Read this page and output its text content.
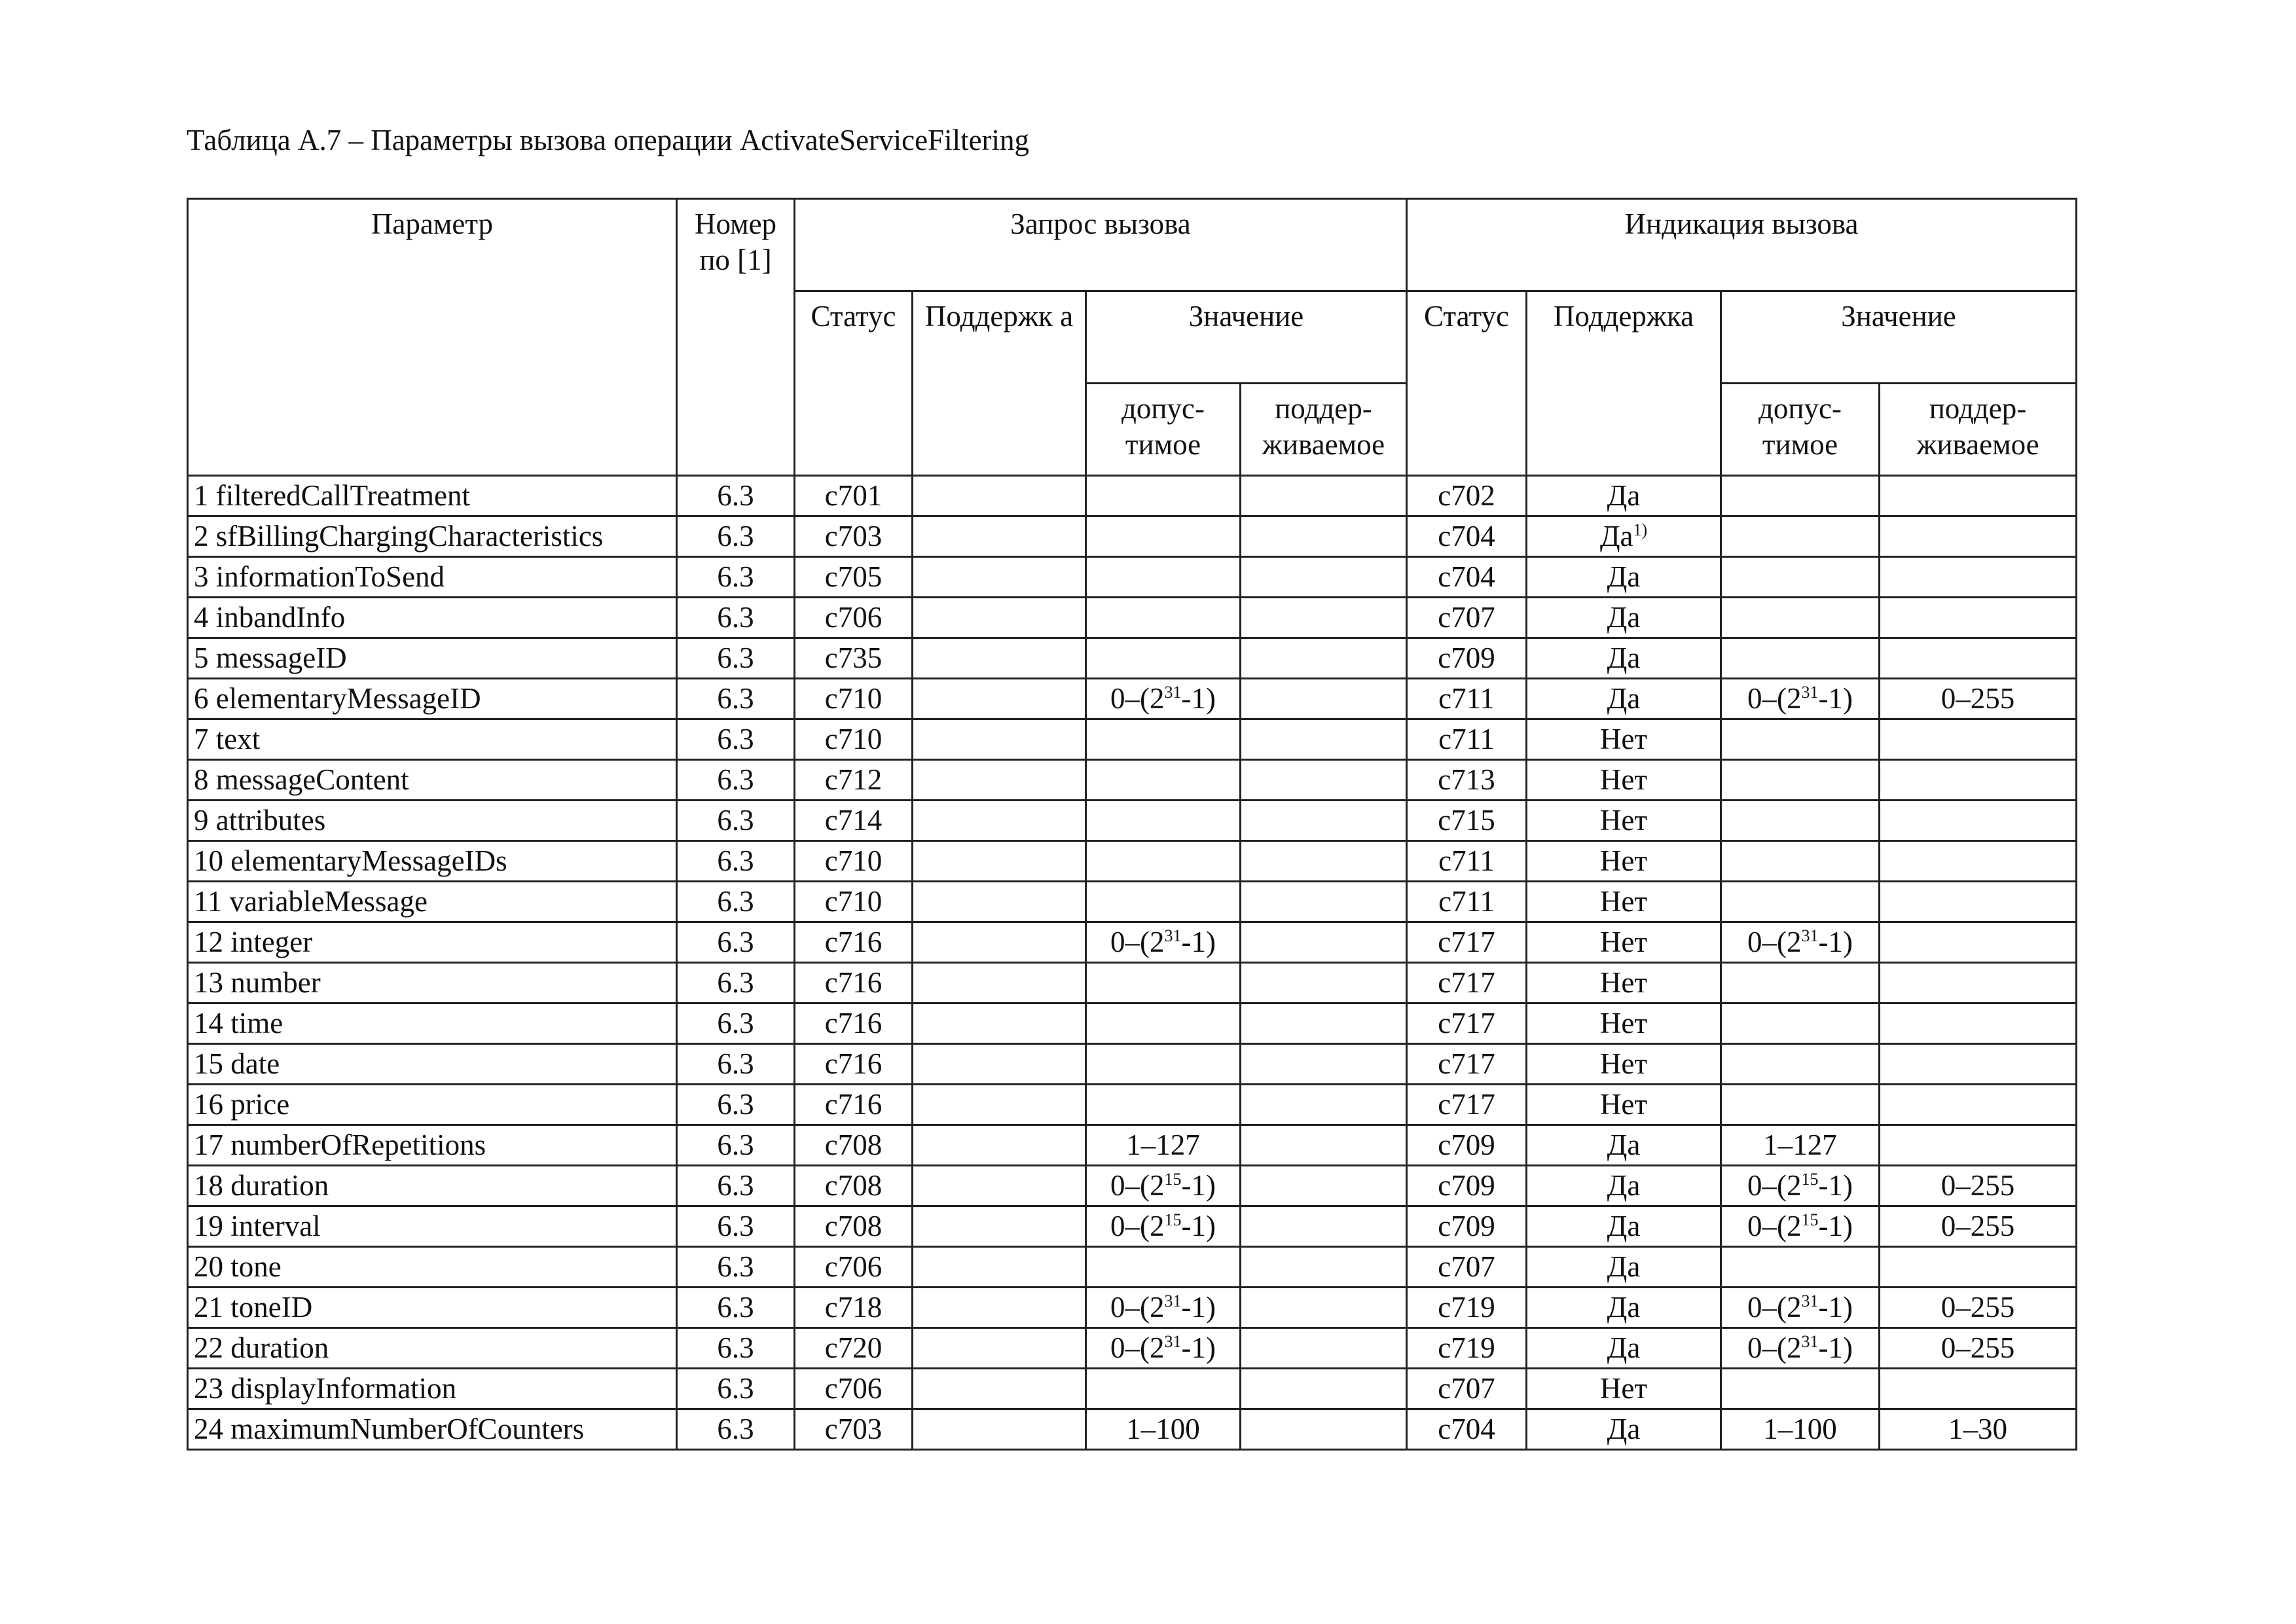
Таблица А.7 – Параметры вызова операции ActivateServiceFiltering
Параметр	Номер по [1]	Запрос вызова				Индикация вызова			
		Статус	Поддержк а	Значение		Статус	Поддержка	Значение	
				допус-тимое	поддер-живаемое			допус-тимое	поддер-живаемое
1 filteredCallTreatment	6.3	c701				c702	Да		
2 sfBillingChargingCharacteristics	6.3	c703				c704	$Да^{1)}$		
3 informationToSend	6.3	c705				c704	Да		
4 inbandInfo	6.3	c706				c707	Да		
5 messageID	6.3	c735				c709	Да		
6 elementaryMessageID	6.3	c710		$0-(2^{31}-1)$		c711	Да	$0-(2^{31}-1)$	0–255
7 text	6.3	c710				c711	Нет		
8 messageContent	6.3	c712				c713	Нет		
9 attributes	6.3	c714				c715	Нет		
10 elementaryMessageIDs	6.3	c710				c711	Нет		
11 variableMessage	6.3	c710				c711	Нет		
12 integer	6.3	c716		$0-(2^{31}-1)$		c717	Нет	$0-(2^{31}-1)$	
13 number	6.3	c716				c717	Нет		
14 time	6.3	c716				c717	Нет		
15 date	6.3	c716				c717	Нет		
16 price	6.3	c716				c717	Нет		
17 numberOfRepetitions	6.3	c708		1–127		c709	Да	1–127	
18 duration	6.3	c708		$0-(2^{15}-1)$		c709	Да	$0-(2^{15}-1)$	0–255
19 interval	6.3	c708		$0-(2^{15}-1)$		c709	Да	$0-(2^{15}-1)$	0–255
20 tone	6.3	c706				c707	Да		
21 toneID	6.3	c718		$0-(2^{31}-1)$		c719	Да	$0-(2^{31}-1)$	0–255
22 duration	6.3	c720		$0-(2^{31}-1)$		c719	Да	$0-(2^{31}-1)$	0–255
23 displayInformation	6.3	c706				c707	Нет		
24 maximumNumberOfCounters	6.3	c703		1–100		c704	Да	1–100	1–30
